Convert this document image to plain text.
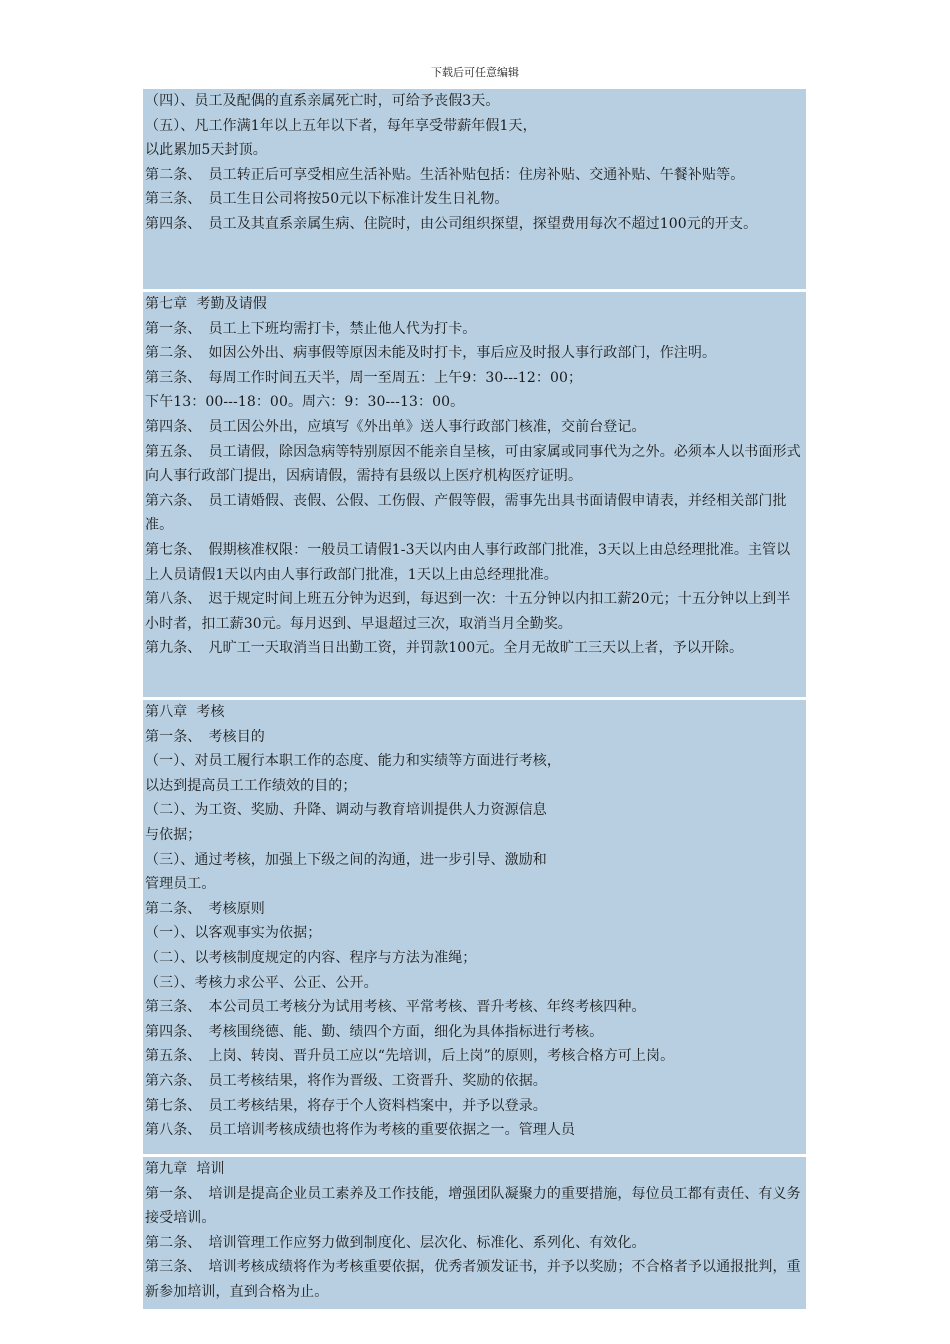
下载后可任意编辑

（四）、员工及配偶的直系亲属死亡时，可给予丧假3天。

（五）、凡工作满1年以上五年以下者，每年享受带薪年假1天，

以此累加5天封顶。

第二条、　员工转正后可享受相应生活补贴。生活补贴包括：住房补贴、交通补贴、午餐补贴等。

第三条、　员工生日公司将按50元以下标准计发生日礼物。

第四条、　员工及其直系亲属生病、住院时，由公司组织探望，探望费用每次不超过100元的开支。

第七章  考勤及请假

第一条、　员工上下班均需打卡，禁止他人代为打卡。

第二条、　如因公外出、病事假等原因未能及时打卡，事后应及时报人事行政部门，作注明。

第三条、　每周工作时间五天半，周一至周五：上午9：30---12：00；

下午13：00---18：00。周六：9：30---13：00。

第四条、　员工因公外出，应填写《外出单》送人事行政部门核准，交前台登记。

第五条、　员工请假，除因急病等特别原因不能亲自呈核，可由家属或同事代为之外。必须本人以书面形式向人事行政部门提出，因病请假，需持有县级以上医疗机构医疗证明。

第六条、　员工请婚假、丧假、公假、工伤假、产假等假，需事先出具书面请假申请表，并经相关部门批准。

第七条、　假期核准权限：一般员工请假1-3天以内由人事行政部门批准，3天以上由总经理批准。主管以上人员请假1天以内由人事行政部门批准，1天以上由总经理批准。

第八条、　迟于规定时间上班五分钟为迟到，每迟到一次：十五分钟以内扣工薪20元；十五分钟以上到半小时者，扣工薪30元。每月迟到、早退超过三次，取消当月全勤奖。

第九条、　凡旷工一天取消当日出勤工资，并罚款100元。全月无故旷工三天以上者，予以开除。

第八章  考核

第一条、　考核目的

（一）、对员工履行本职工作的态度、能力和实绩等方面进行考核，

以达到提高员工工作绩效的目的；

（二）、为工资、奖励、升降、调动与教育培训提供人力资源信息

与依据；

（三）、通过考核，加强上下级之间的沟通，进一步引导、激励和

管理员工。

第二条、　考核原则

（一）、以客观事实为依据；

（二）、以考核制度规定的内容、程序与方法为准绳；

（三）、考核力求公平、公正、公开。

第三条、　本公司员工考核分为试用考核、平常考核、晋升考核、年终考核四种。

第四条、　考核围绕德、能、勤、绩四个方面，细化为具体指标进行考核。

第五条、　上岗、转岗、晋升员工应以“先培训，后上岗”的原则，考核合格方可上岗。

第六条、　员工考核结果，将作为晋级、工资晋升、奖励的依据。

第七条、　员工考核结果，将存于个人资料档案中，并予以登录。

第八条、　员工培训考核成绩也将作为考核的重要依据之一。管理人员

第九章  培训

第一条、　培训是提高企业员工素养及工作技能，增强团队凝聚力的重要措施，每位员工都有责任、有义务接受培训。

第二条、　培训管理工作应努力做到制度化、层次化、标准化、系列化、有效化。

第三条、　培训考核成绩将作为考核重要依据，优秀者颁发证书，并予以奖励；不合格者予以通报批判，重新参加培训，直到合格为止。
